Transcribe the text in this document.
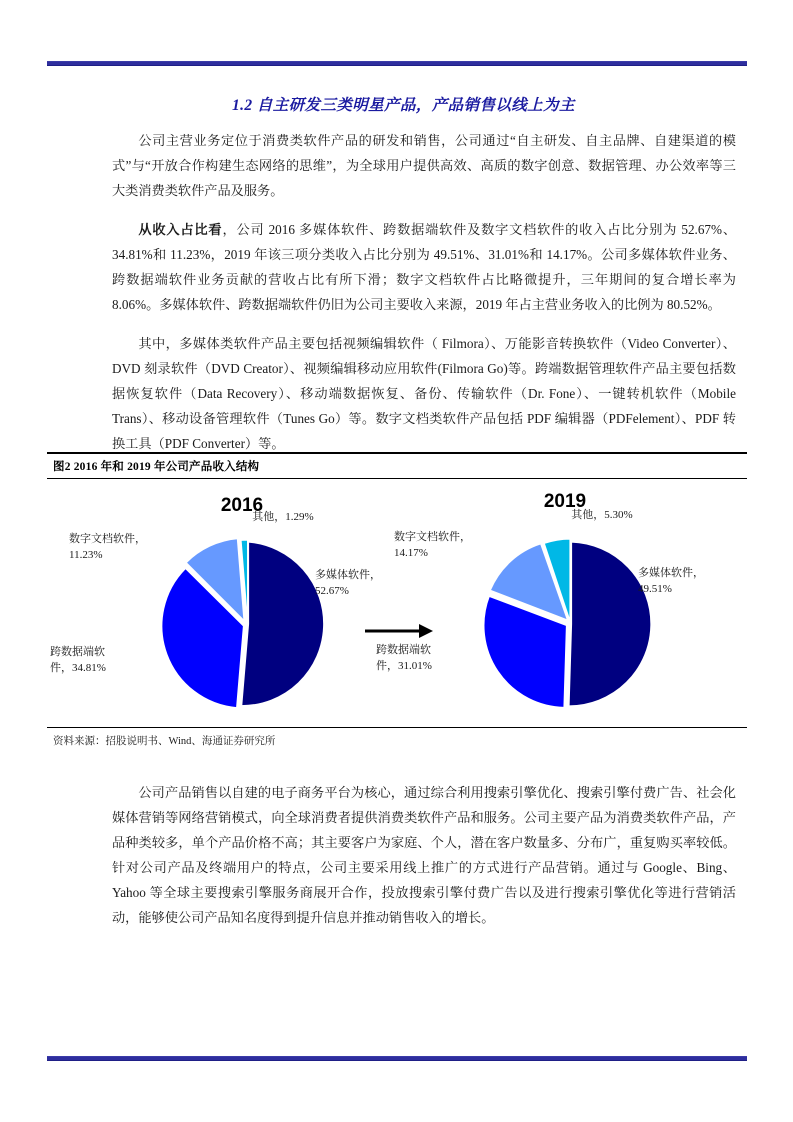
1.2 自主研发三类明星产品，产品销售以线上为主

公司主营业务定位于消费类软件产品的研发和销售，公司通过“自主研发、自主品牌、自建渠道的模式”与“开放合作构建生态网络的思维”，为全球用户提供高效、高质的数字创意、数据管理、办公效率等三大类消费类软件产品及服务。

从收入占比看，公司 2016 多媒体软件、跨数据端软件及数字文档软件的收入占比分别为 52.67%、34.81%和 11.23%，2019 年该三项分类收入占比分别为 49.51%、31.01%和 14.17%。公司多媒体软件业务、跨数据端软件业务贡献的营收占比有所下滑；数字文档软件占比略微提升，三年期间的复合增长率为 8.06%。多媒体软件、跨数据端软件仍旧为公司主要收入来源，2019 年占主营业务收入的比例为 80.52%。

其中，多媒体类软件产品主要包括视频编辑软件（ Filmora）、万能影音转换软件（Video Converter）、DVD 刻录软件（DVD Creator）、视频编辑移动应用软件(Filmora Go)等。跨端数据管理软件产品主要包括数据恢复软件（Data Recovery）、移动端数据恢复、备份、传输软件（Dr. Fone）、一键转机软件（Mobile Trans）、移动设备管理软件（Tunes Go）等。数字文档类软件产品包括 PDF 编辑器（PDFelement）、PDF 转换工具（PDF Converter）等。

图2 2016 年和 2019 年公司产品收入结构
2016
其他，1.29%
数字文档软件，
11.23%
跨数据端软
件，34.81%
多媒体软件，
52.67%
2019
其他，5.30%
数字文档软件，
14.17%
跨数据端软
件，31.01%
多媒体软件，
49.51%
资料来源：招股说明书、Wind、海通证券研究所

公司产品销售以自建的电子商务平台为核心，通过综合利用搜索引擎优化、搜索引擎付费广告、社会化媒体营销等网络营销模式，向全球消费者提供消费类软件产品和服务。公司主要产品为消费类软件产品，产品种类较多，单个产品价格不高；其主要客户为家庭、个人，潜在客户数量多、分布广，重复购买率较低。针对公司产品及终端用户的特点，公司主要采用线上推广的方式进行产品营销。通过与 Google、Bing、Yahoo 等全球主要搜索引擎服务商展开合作，投放搜索引擎付费广告以及进行搜索引擎优化等进行营销活动，能够使公司产品知名度得到提升信息并推动销售收入的增长。
